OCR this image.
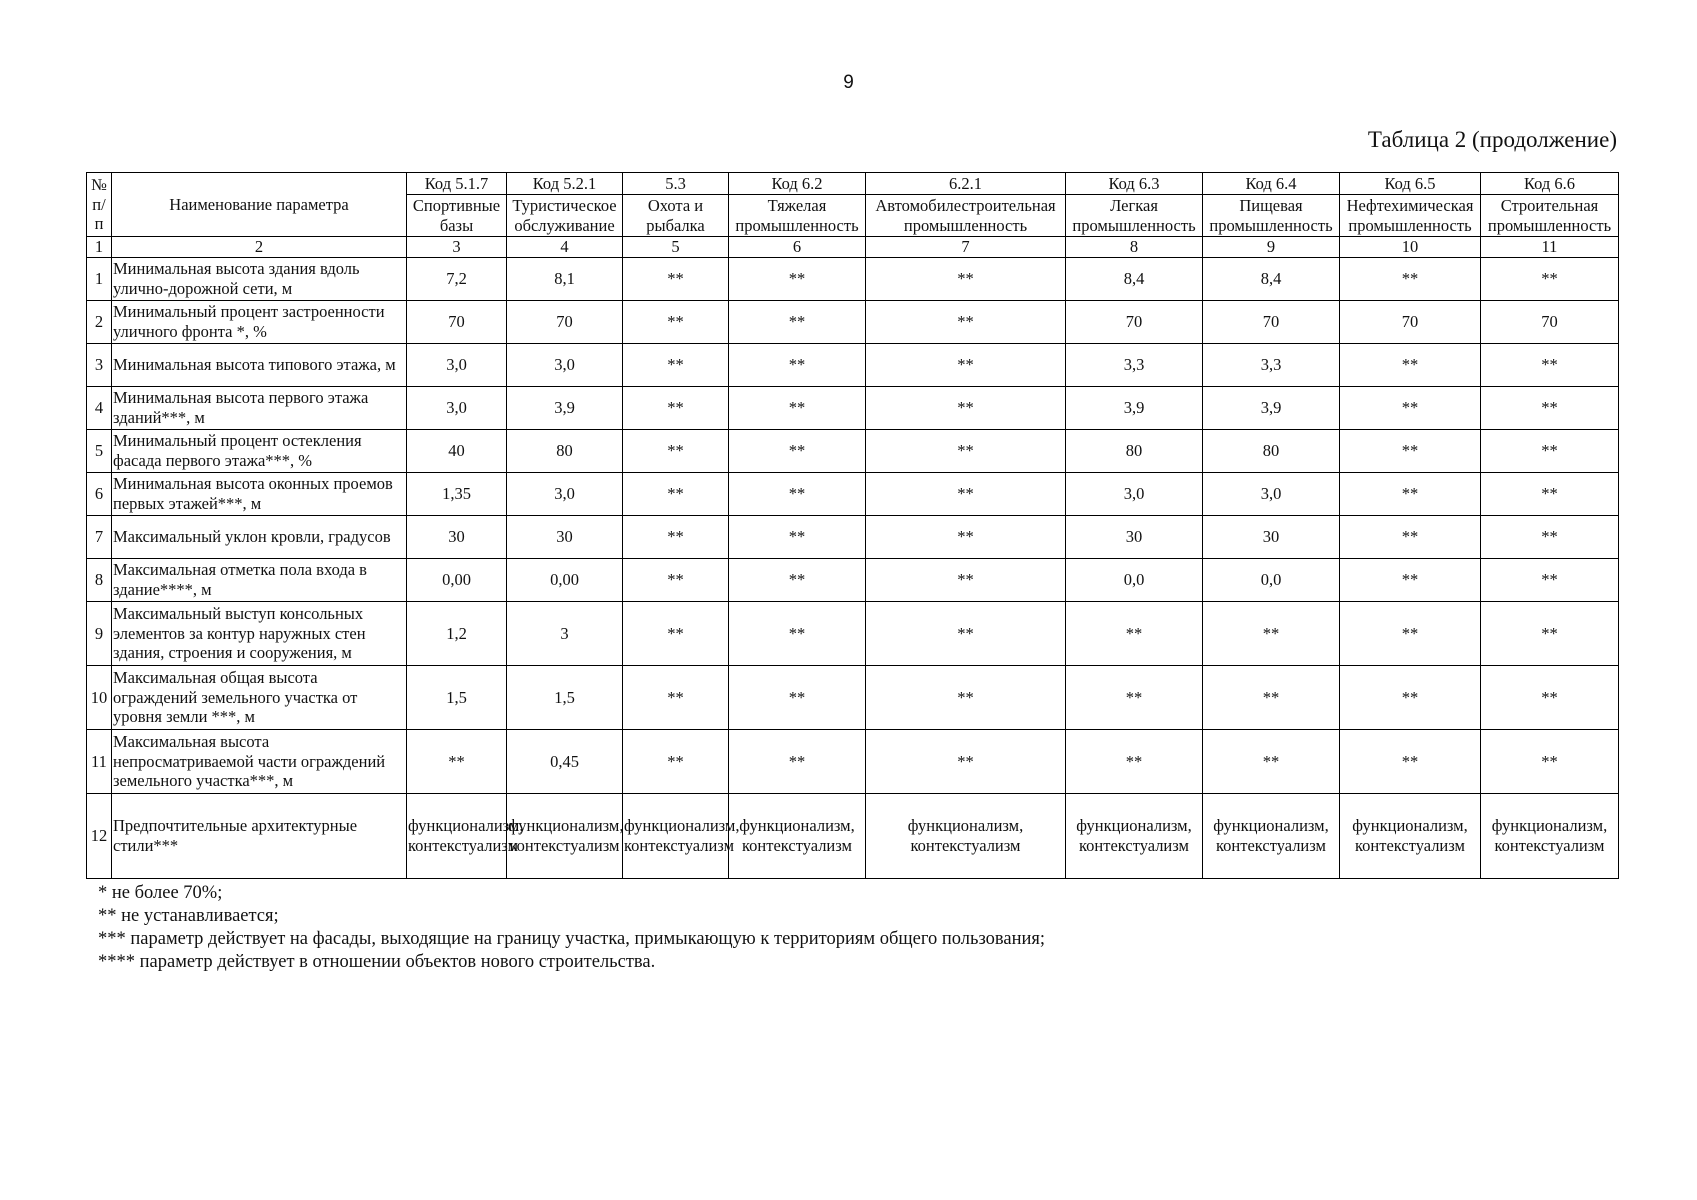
9
Таблица 2 (продолжение)
№ п/п	Наименование параметра	Код 5.1.7	Код 5.2.1	5.3	Код 6.2	6.2.1	Код 6.3	Код 6.4	Код 6.5	Код 6.6
		Спортивные базы	Туристическое обслуживание	Охота и рыбалка	Тяжелая промышленность	Автомобилестроительная промышленность	Легкая промышленность	Пищевая промышленность	Нефтехимическая промышленность	Строительная промышленность
1	2	3	4	5	6	7	8	9	10	11
1	Минимальная высота здания вдоль улично-дорожной сети, м	7,2	8,1	**	**	**	8,4	8,4	**	**
2	Минимальный процент застроенности уличного фронта *, %	70	70	**	**	**	70	70	70	70
3	Минимальная высота типового этажа, м	3,0	3,0	**	**	**	3,3	3,3	**	**
4	Минимальная высота первого этажа зданий***, м	3,0	3,9	**	**	**	3,9	3,9	**	**
5	Минимальный процент остекления фасада первого этажа***, %	40	80	**	**	**	80	80	**	**
6	Минимальная высота оконных проемов первых этажей***, м	1,35	3,0	**	**	**	3,0	3,0	**	**
7	Максимальный уклон кровли, градусов	30	30	**	**	**	30	30	**	**
8	Максимальная отметка пола входа в здание****, м	0,00	0,00	**	**	**	0,0	0,0	**	**
9	Максимальный выступ консольных элементов за контур наружных стен здания, строения и сооружения, м	1,2	3	**	**	**	**	**	**	**
10	Максимальная общая высота ограждений земельного участка от уровня земли ***, м	1,5	1,5	**	**	**	**	**	**	**
11	Максимальная высота непросматриваемой части ограждений земельного участка***, м	**	0,45	**	**	**	**	**	**	**
12	Предпочтительные архитектурные стили***	функционализм, контекстуализм	функционализм, контекстуализм	функционализм, контекстуализм	функционализм, контекстуализм	функционализм, контекстуализм	функционализм, контекстуализм	функционализм, контекстуализм	функционализм, контекстуализм	функционализм, контекстуализм
* не более 70%;
** не устанавливается;
*** параметр действует на фасады, выходящие на границу участка, примыкающую к территориям общего пользования;
**** параметр действует в отношении объектов нового строительства.
